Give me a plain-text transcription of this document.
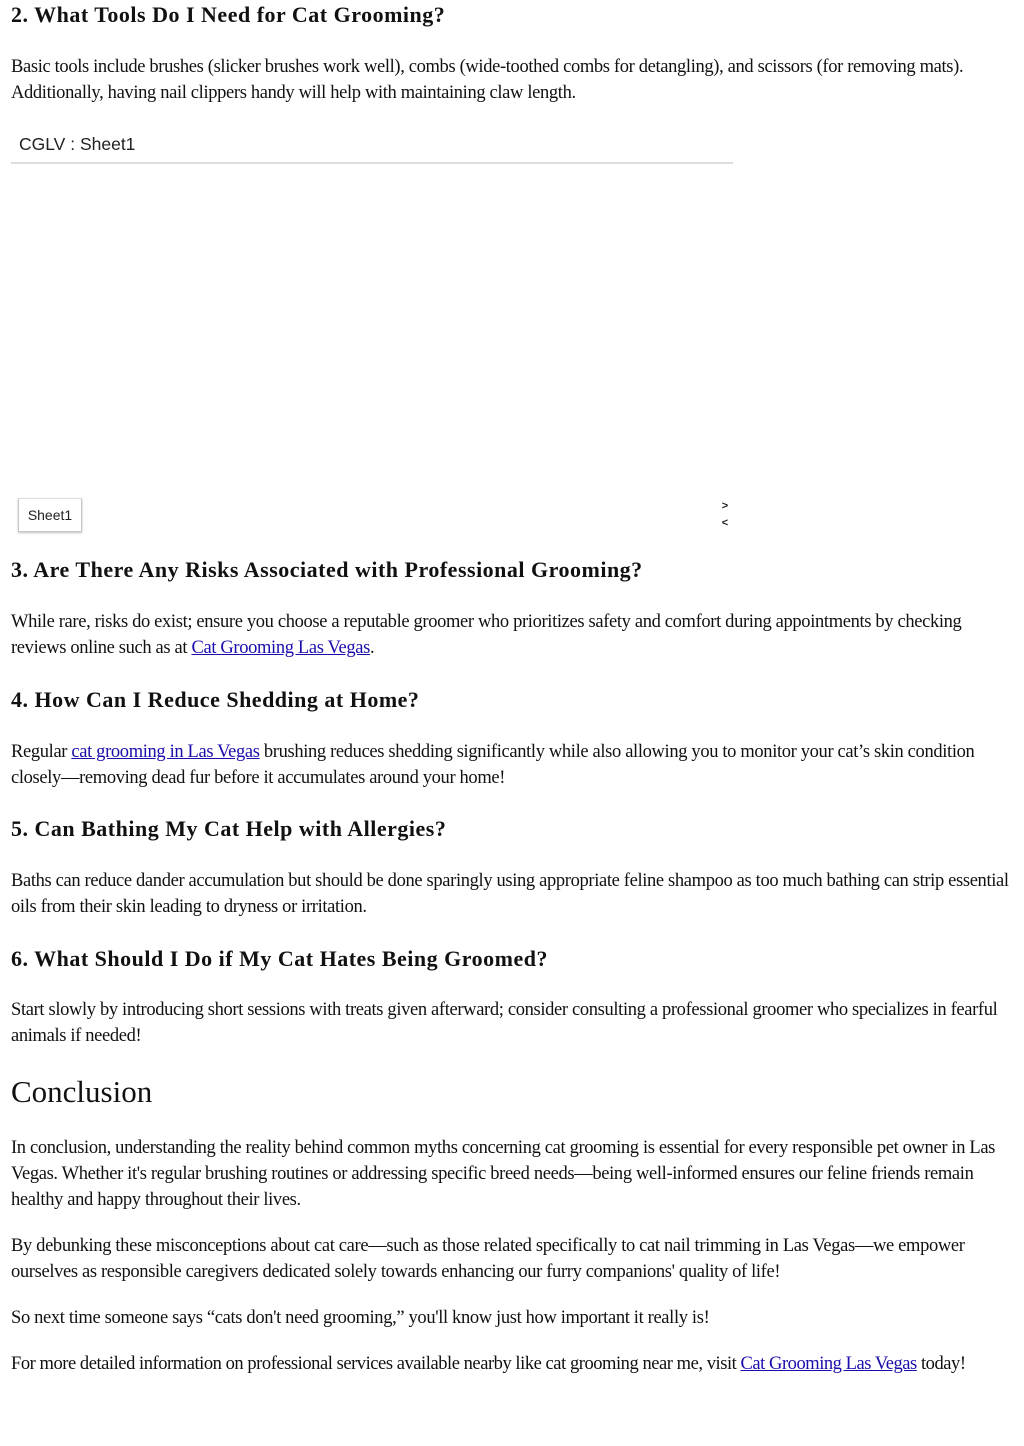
2. What Tools Do I Need for Cat Grooming?

Basic tools include brushes (slicker brushes work well), combs (wide-toothed combs for detangling), and scissors (for removing mats). Additionally, having nail clippers handy will help with maintaining claw length.

CGLV : Sheet1
Sheet1
>
<
3. Are There Any Risks Associated with Professional Grooming?

While rare, risks do exist; ensure you choose a reputable groomer who prioritizes safety and comfort during appointments by checking reviews online such as at Cat Grooming Las Vegas.

4. How Can I Reduce Shedding at Home?

Regular cat grooming in Las Vegas brushing reduces shedding significantly while also allowing you to monitor your cat’s skin condition closely—removing dead fur before it accumulates around your home!

5. Can Bathing My Cat Help with Allergies?

Baths can reduce dander accumulation but should be done sparingly using appropriate feline shampoo as too much bathing can strip essential oils from their skin leading to dryness or irritation.

6. What Should I Do if My Cat Hates Being Groomed?

Start slowly by introducing short sessions with treats given afterward; consider consulting a professional groomer who specializes in fearful animals if needed!

Conclusion

In conclusion, understanding the reality behind common myths concerning cat grooming is essential for every responsible pet owner in Las Vegas. Whether it's regular brushing routines or addressing specific breed needs—being well-informed ensures our feline friends remain healthy and happy throughout their lives.

By debunking these misconceptions about cat care—such as those related specifically to cat nail trimming in Las Vegas—we empower ourselves as responsible caregivers dedicated solely towards enhancing our furry companions' quality of life!

So next time someone says “cats don't need grooming,” you'll know just how important it really is!

For more detailed information on professional services available nearby like cat grooming near me, visit Cat Grooming Las Vegas today!
